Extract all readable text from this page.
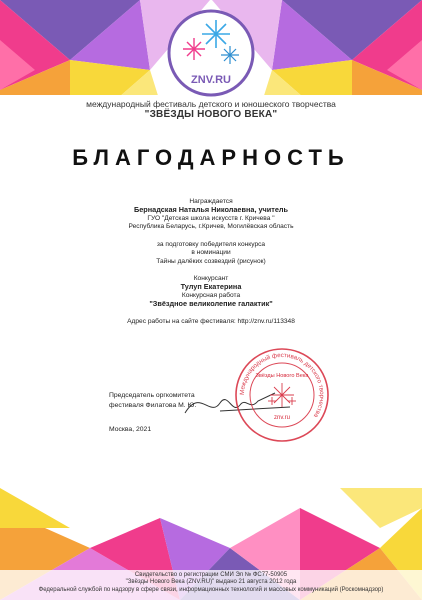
ZNV.RU
международный фестиваль детского и юношеского творчества
"ЗВЁЗДЫ НОВОГО ВЕКА"
БЛАГОДАРНОСТЬ
Награждается
Бернадская Наталья Николаевна, учитель
ГУО "Детская школа искусств г. Кричева "
Республика Беларусь, г.Кричев, Могилёвская область
за подготовку победителя конкурса
в номинации
Тайны далёких созвездий (рисунок)
Конкурсант
Тулуп Екатерина
Конкурсная работа
"Звёздное великолепие галактик"
Адрес работы на сайте фестиваля: http://znv.ru/113348
Председатель оргкомитета
фестиваля Филатова М. Ю.
Москва, 2021
Международный фестиваль детского творчества
Звёзды Нового Века
znv.ru
Свидетельство о регистрации СМИ Эл № ФС77-50905
"Звёзды Нового Века (ZNV.RU)" выдано 21 августа 2012 года
Федеральной службой по надзору в сфере связи, информационных технологий и массовых коммуникаций (Роскомнадзор)
